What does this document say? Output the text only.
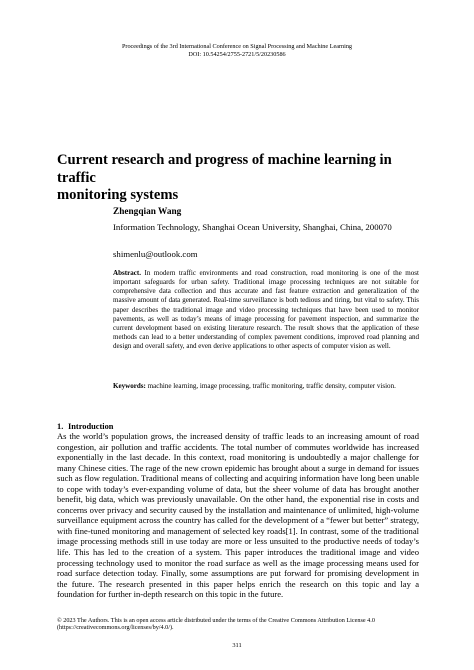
Proceedings of the 3rd International Conference on Signal Processing and Machine Learning
DOI: 10.54254/2755-2721/5/20230586
Current research and progress of machine learning in traffic
monitoring systems
Zhengqian Wang
Information Technology, Shanghai Ocean University, Shanghai, China, 200070
shimenlu@outlook.com
Abstract. In modern traffic environments and road construction, road monitoring is one of the most important safeguards for urban safety. Traditional image processing techniques are not suitable for comprehensive data collection and thus accurate and fast feature extraction and generalization of the massive amount of data generated. Real-time surveillance is both tedious and tiring, but vital to safety. This paper describes the traditional image and video processing techniques that have been used to monitor pavements, as well as today’s means of image processing for pavement inspection, and summarize the current development based on existing literature research. The result shows that the application of these methods can lead to a better understanding of complex pavement conditions, improved road planning and design and overall safety, and even derive applications to other aspects of computer vision as well.
Keywords: machine learning, image processing, traffic monitoring, traffic density, computer vision.
1. Introduction
As the world’s population grows, the increased density of traffic leads to an increasing amount of road congestion, air pollution and traffic accidents. The total number of commutes worldwide has increased exponentially in the last decade. In this context, road monitoring is undoubtedly a major challenge for many Chinese cities. The rage of the new crown epidemic has brought about a surge in demand for issues such as flow regulation. Traditional means of collecting and acquiring information have long been unable to cope with today’s ever-expanding volume of data, but the sheer volume of data has brought another benefit, big data, which was previously unavailable. On the other hand, the exponential rise in costs and concerns over privacy and security caused by the installation and maintenance of unlimited, high-volume surveillance equipment across the country has called for the development of a “fewer but better” strategy, with fine-tuned monitoring and management of selected key roads[1]. In contrast, some of the traditional image processing methods still in use today are more or less unsuited to the productive needs of today’s life. This has led to the creation of a system. This paper introduces the traditional image and video processing technology used to monitor the road surface as well as the image processing means used for road surface detection today. Finally, some assumptions are put forward for promising development in the future. The research presented in this paper helps enrich the research on this topic and lay a foundation for further in-depth research on this topic in the future.
© 2023 The Authors. This is an open access article distributed under the terms of the Creative Commons Attribution License 4.0
(https://creativecommons.org/licenses/by/4.0/).
311
